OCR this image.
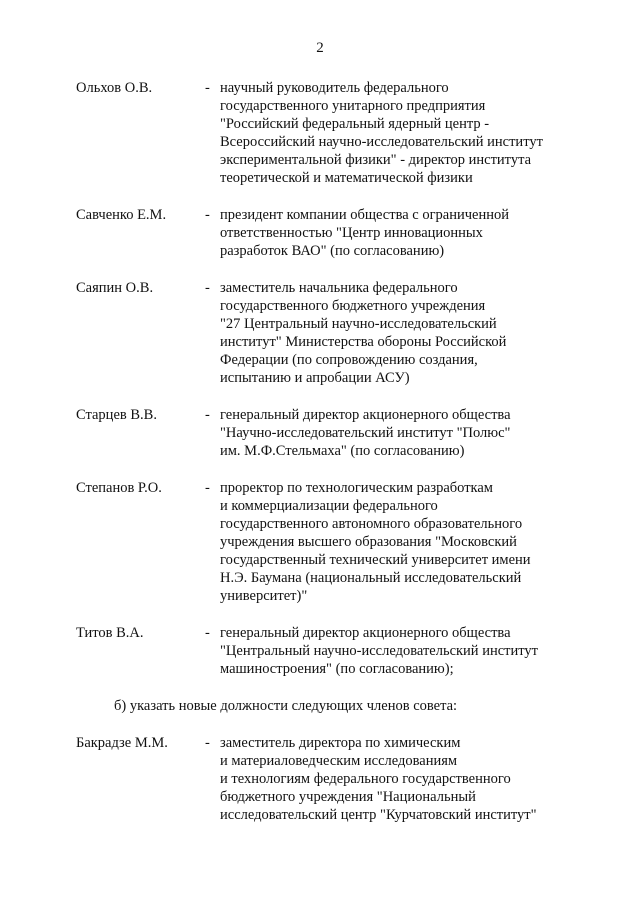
2
Ольхов О.В.	- научный руководитель федерального
государственного унитарного предприятия
"Российский федеральный ядерный центр -
Всероссийский научно-исследовательский институт
экспериментальной физики" - директор института
теоретической и математической физики
Савченко Е.М.	- президент компании общества с ограниченной
ответственностью "Центр инновационных
разработок ВАО" (по согласованию)
Саяпин О.В.	- заместитель начальника федерального
государственного бюджетного учреждения
"27 Центральный научно-исследовательский
институт" Министерства обороны Российской
Федерации (по сопровождению создания,
испытанию и апробации АСУ)
Старцев В.В.	- генеральный директор акционерного общества
"Научно-исследовательский институт "Полюс"
им. М.Ф.Стельмаха" (по согласованию)
Степанов Р.О.	- проректор по технологическим разработкам
и коммерциализации федерального
государственного автономного образовательного
учреждения высшего образования "Московский
государственный технический университет имени
Н.Э. Баумана (национальный исследовательский
университет)"
Титов В.А.	- генеральный директор акционерного общества
"Центральный научно-исследовательский институт
машиностроения" (по согласованию);
б) указать новые должности следующих членов совета:
Бакрадзе М.М.	- заместитель директора по химическим
и материаловедческим исследованиям
и технологиям федерального государственного
бюджетного учреждения "Национальный
исследовательский центр "Курчатовский институт"
